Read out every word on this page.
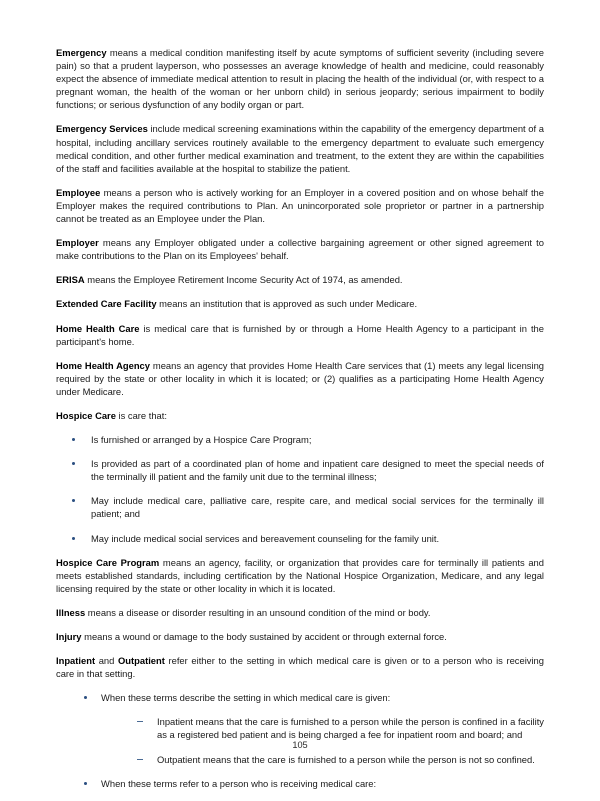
Emergency means a medical condition manifesting itself by acute symptoms of sufficient severity (including severe pain) so that a prudent layperson, who possesses an average knowledge of health and medicine, could reasonably expect the absence of immediate medical attention to result in placing the health of the individual (or, with respect to a pregnant woman, the health of the woman or her unborn child) in serious jeopardy; serious impairment to bodily functions; or serious dysfunction of any bodily organ or part.

Emergency Services include medical screening examinations within the capability of the emergency department of a hospital, including ancillary services routinely available to the emergency department to evaluate such emergency medical condition, and other further medical examination and treatment, to the extent they are within the capabilities of the staff and facilities available at the hospital to stabilize the patient.

Employee means a person who is actively working for an Employer in a covered position and on whose behalf the Employer makes the required contributions to Plan. An unincorporated sole proprietor or partner in a partnership cannot be treated as an Employee under the Plan.

Employer means any Employer obligated under a collective bargaining agreement or other signed agreement to make contributions to the Plan on its Employees' behalf.

ERISA means the Employee Retirement Income Security Act of 1974, as amended.

Extended Care Facility means an institution that is approved as such under Medicare.

Home Health Care is medical care that is furnished by or through a Home Health Agency to a participant in the participant's home.

Home Health Agency means an agency that provides Home Health Care services that (1) meets any legal licensing required by the state or other locality in which it is located; or (2) qualifies as a participating Home Health Agency under Medicare.

Hospice Care is care that:

Is furnished or arranged by a Hospice Care Program;
Is provided as part of a coordinated plan of home and inpatient care designed to meet the special needs of the terminally ill patient and the family unit due to the terminal illness;
May include medical care, palliative care, respite care, and medical social services for the terminally ill patient; and
May include medical social services and bereavement counseling for the family unit.

Hospice Care Program means an agency, facility, or organization that provides care for terminally ill patients and meets established standards, including certification by the National Hospice Organization, Medicare, and any legal licensing required by the state or other locality in which it is located.

Illness means a disease or disorder resulting in an unsound condition of the mind or body.

Injury means a wound or damage to the body sustained by accident or through external force.

Inpatient and Outpatient refer either to the setting in which medical care is given or to a person who is receiving care in that setting.

When these terms describe the setting in which medical care is given:
Inpatient means that the care is furnished to a person while the person is confined in a facility as a registered bed patient and is being charged a fee for inpatient room and board; and
Outpatient means that the care is furnished to a person while the person is not so confined.
When these terms refer to a person who is receiving medical care:
105
